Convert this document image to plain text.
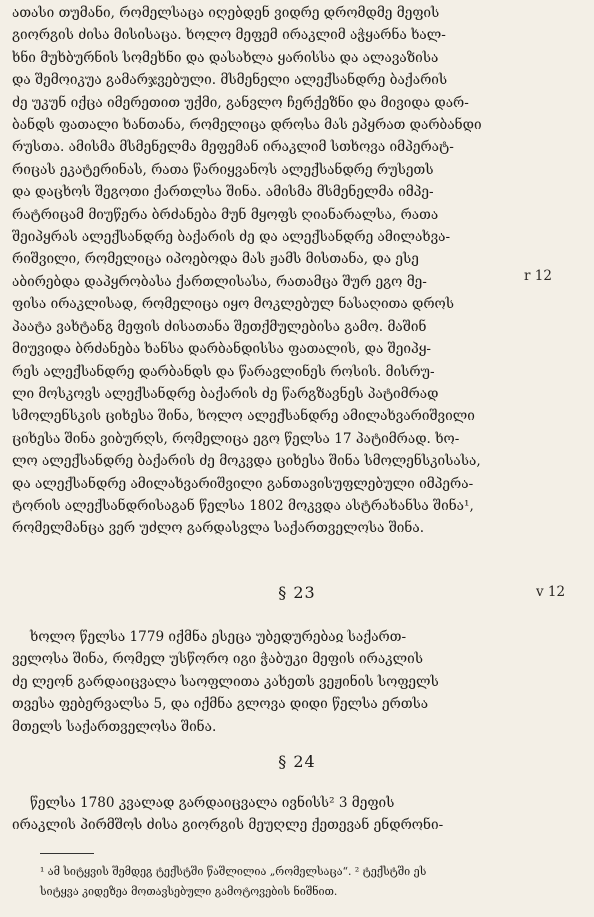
ათასი თუმანი, რომელსაცა იღებდენ ვიდრე დრომდმე მეფის
გიორგის ძისა მისისაცა. ხოლო მეფემ ირაკლიმ აჭყარნა ხალ-
ხნი მუხბურნის სომეხნი და დასახლა ყარისსა და ალავაზისა
და შემოიკუა გამარჯვებული. მსმენელი ალექსანდრე ბაქარის
ძე უკუნ იქცა იმერეთით უქმი, განვლო ჩერქეზნი და მივიდა დარ-
ბანდს ფათალი ხანთანა, რომელიცა დროსა მას ეპყრათ დარბანდი
რუსთა. ამისმა მსმენელმა მეფემან ირაკლიმ სთხოვა იმპერატ-
რიცას ეკატერინას, რათა წარიყვანოს ალექსანდრე რუსეთს
და დაცხოს შეგოთი ქართლსა შინა. ამისმა მსმენელმა იმპე-
რატრიცამ მიუწერა ბრძანება მუნ მყოფს ღიანარალსა, რათა
შეიპყრას ალექსანდრე ბაქარის ძე და ალექსანდრე ამილახვა-
რიშვილი, რომელიცა იპოებოდა მას ჟამს მისთანა, და ესე
აბირებდა დაპყრობასა ქართლისასა, რათამცა შურ ეგო მე-
ფისა ირაკლისად, რომელიცა იყო მოკლებულ ნასაღითა დროს
პაატა ვახტანგ მეფის ძისათანა შეთქმულებისა გამო. მაშინ
მიუვიდა ბრძანება ხანსა დარბანდისსა ფათალის, და შეიპყ-
რეს ალექსანდრე დარბანდს და წარავლინეს როსის. მისრუ-
ლი მოსკოვს ალექსანდრე ბაქარის ძე წარგზავნეს პატიმრად
სმოლენსკის ციხესა შინა, ხოლო ალექსანდრე ამილახვარიშვილი
ციხესა შინა ვიბურღს, რომელიცა ეგო წელსა 17 პატიმრად. ხო-
ლო ალექსანდრე ბაქარის ძე მოკვდა ციხესა შინა სმოლენსკისასა,
და ალექსანდრე ამილახვარიშვილი განთავისუფლებული იმპერა-
ტორის ალექსანდრისაგან წელსა 1802 მოკვდა ასტრახანსა შინა¹,
რომელმანცა ვერ უძლო გარდასვლა საქართველოსა შინა.

r 12
§ 23	v 12

ხოლო წელსა 1779 იქმნა ესეცა უბედურებაჲ საქართ-
ველოსა შინა, რომელ უსწორო იგი ჭაბუკი მეფის ირაკლის
ძე ლეონ გარდაიცვალა საოფლითა კახეთს ვეჟინის სოფელს
თვესა ფებერვალსა 5, და იქმნა გლოვა დიდი წელსა ერთსა
მთელს საქართველოსა შინა.

§ 24

წელსა 1780 კვალად გარდაიცვალა ივნისს² 3 მეფის
ირაკლის პირმშოს ძისა გიორგის მეუღლე ქეთევან ენდრონი-

¹ ამ სიტყვის შემდეგ ტექსტში წაშლილია „რომელსაცა“. ² ტექსტში ეს
სიტყვა კიდეზეა მოთავსებული გამოტოვების ნიშნით.
